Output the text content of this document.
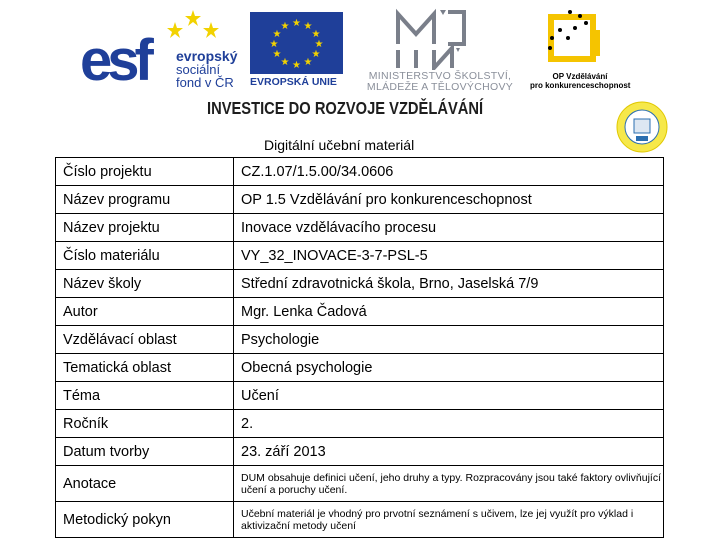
esf evropský
sociální
fond v ČR
★ ★
★
★
★
★
★
★
★
★
★
★
EVROPSKÁ UNIE	MINISTERSTVO ŠKOLSTVÍ,
MLÁDEŽE A TĚLOVÝCHOVY
OP Vzdělávání
pro konkurenceschopnost
INVESTICE DO ROZVOJE VZDĚLÁVÁNÍ
Digitální učební materiál
Číslo projektu	CZ.1.07/1.5.00/34.0606
Název programu	OP 1.5 Vzdělávání pro konkurenceschopnost
Název projektu	Inovace vzdělávacího procesu
Číslo materiálu	VY_32_INOVACE-3-7-PSL-5
Název školy	Střední zdravotnická škola, Brno, Jaselská 7/9
Autor	Mgr. Lenka Čadová
Vzdělávací oblast	Psychologie
Tematická oblast	Obecná psychologie
Téma	Učení
Ročník	2.
Datum tvorby	23. září 2013
Anotace	DUM obsahuje definici učení, jeho druhy a typy. Rozpracovány jsou také faktory ovlivňující učení a poruchy učení.
Metodický pokyn	Učební materiál je vhodný pro prvotní seznámení s učivem, lze jej využít pro výklad i aktivizační metody učení
